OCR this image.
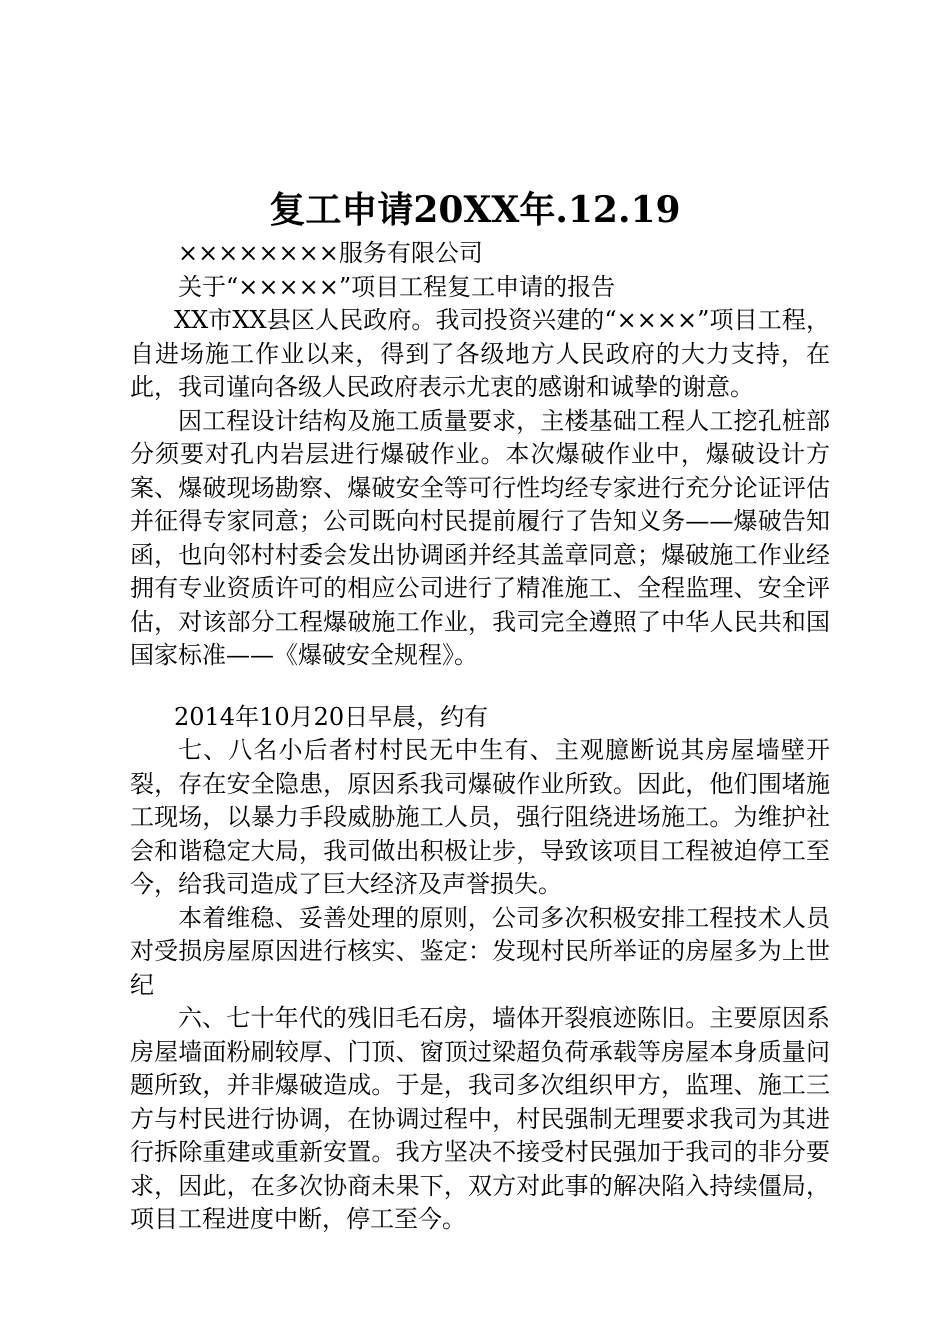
复工申请20XX年.12.19

××××××××服务有限公司

关于“×××××”项目工程复工申请的报告

XX市XX县区人民政府。我司投资兴建的“××××”项目工程，自进场施工作业以来，得到了各级地方人民政府的大力支持，在此，我司谨向各级人民政府表示尤衷的感谢和诚挚的谢意。

因工程设计结构及施工质量要求，主楼基础工程人工挖孔桩部分须要对孔内岩层进行爆破作业。本次爆破作业中，爆破设计方案、爆破现场勘察、爆破安全等可行性均经专家进行充分论证评估并征得专家同意；公司既向村民提前履行了告知义务——爆破告知函，也向邻村村委会发出协调函并经其盖章同意；爆破施工作业经拥有专业资质许可的相应公司进行了精准施工、全程监理、安全评估，对该部分工程爆破施工作业，我司完全遵照了中华人民共和国国家标准——《爆破安全规程》。

2014年10月20日早晨，约有

七、八名小后者村村民无中生有、主观臆断说其房屋墙壁开裂，存在安全隐患，原因系我司爆破作业所致。因此，他们围堵施工现场，以暴力手段威胁施工人员，强行阻绕进场施工。为维护社会和谐稳定大局，我司做出积极让步，导致该项目工程被迫停工至今，给我司造成了巨大经济及声誉损失。

本着维稳、妥善处理的原则，公司多次积极安排工程技术人员对受损房屋原因进行核实、鉴定：发现村民所举证的房屋多为上世纪

六、七十年代的残旧毛石房，墙体开裂痕迹陈旧。主要原因系房屋墙面粉刷较厚、门顶、窗顶过梁超负荷承载等房屋本身质量问题所致，并非爆破造成。于是，我司多次组织甲方，监理、施工三方与村民进行协调，在协调过程中，村民强制无理要求我司为其进行拆除重建或重新安置。我方坚决不接受村民强加于我司的非分要求，因此，在多次协商未果下，双方对此事的解决陷入持续僵局，项目工程进度中断，停工至今。
